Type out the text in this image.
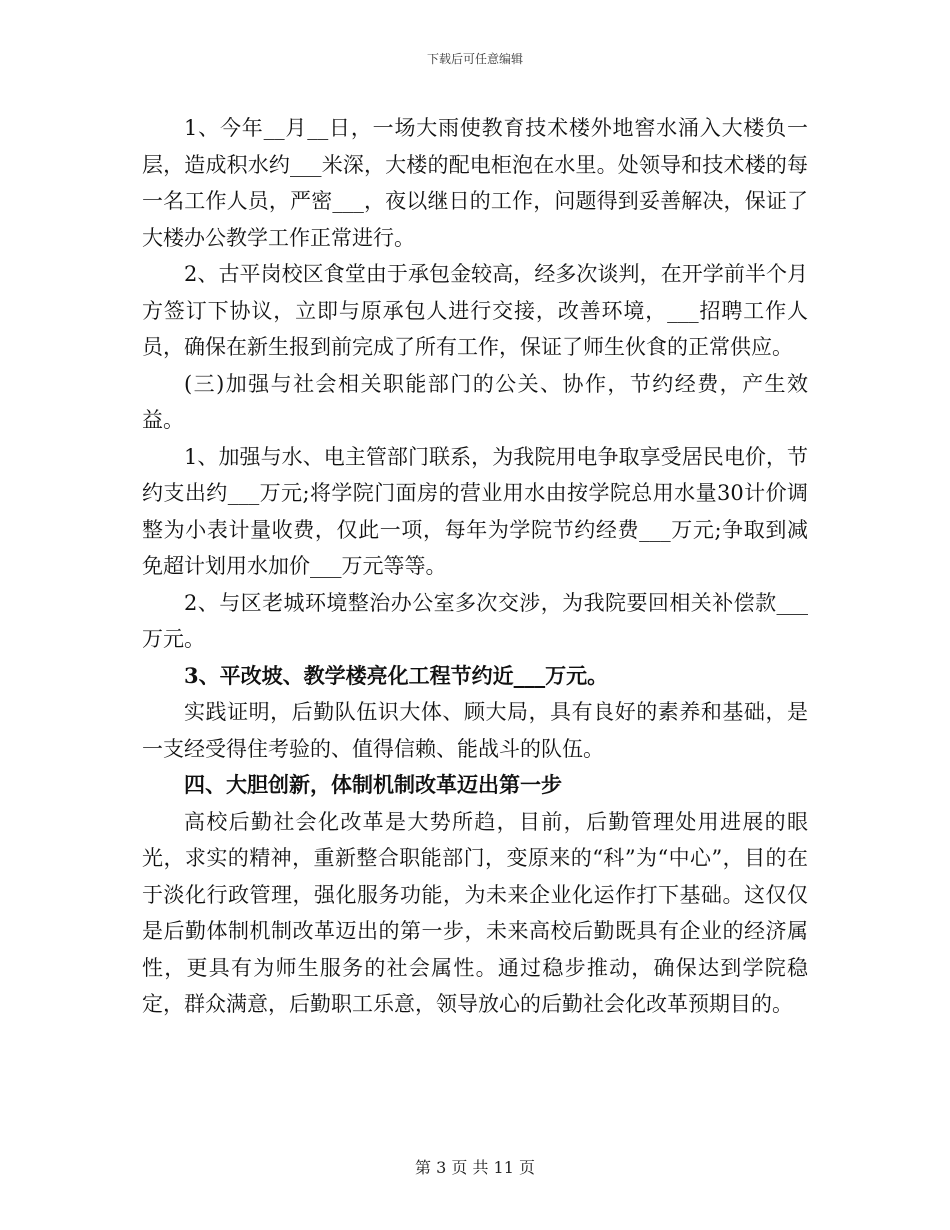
下载后可任意编辑

1、今年__月__日，一场大雨使教育技术楼外地窖水涌入大楼负一层，造成积水约___米深，大楼的配电柜泡在水里。处领导和技术楼的每一名工作人员，严密___，夜以继日的工作，问题得到妥善解决，保证了大楼办公教学工作正常进行。

2、古平岗校区食堂由于承包金较高，经多次谈判，在开学前半个月方签订下协议，立即与原承包人进行交接，改善环境，___招聘工作人员，确保在新生报到前完成了所有工作，保证了师生伙食的正常供应。

(三)加强与社会相关职能部门的公关、协作，节约经费，产生效益。

1、加强与水、电主管部门联系，为我院用电争取享受居民电价，节约支出约___万元;将学院门面房的营业用水由按学院总用水量30计价调整为小表计量收费，仅此一项，每年为学院节约经费___万元;争取到减免超计划用水加价___万元等等。

2、与区老城环境整治办公室多次交涉，为我院要回相关补偿款___万元。

3、平改坡、教学楼亮化工程节约近___万元。

实践证明，后勤队伍识大体、顾大局，具有良好的素养和基础，是一支经受得住考验的、值得信赖、能战斗的队伍。

四、大胆创新，体制机制改革迈出第一步

高校后勤社会化改革是大势所趋，目前，后勤管理处用进展的眼光，求实的精神，重新整合职能部门，变原来的“科”为“中心”，目的在于淡化行政管理，强化服务功能，为未来企业化运作打下基础。这仅仅是后勤体制机制改革迈出的第一步，未来高校后勤既具有企业的经济属性，更具有为师生服务的社会属性。通过稳步推动，确保达到学院稳定，群众满意，后勤职工乐意，领导放心的后勤社会化改革预期目的。

第 3 页 共 11 页
